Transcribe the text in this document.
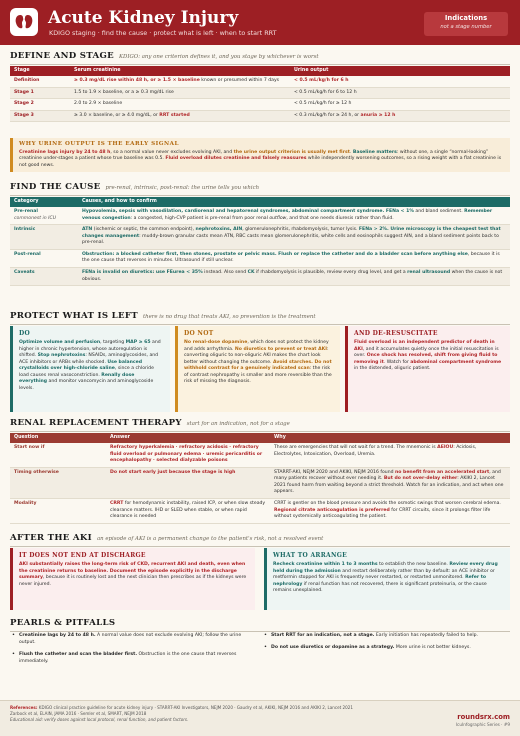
Acute Kidney Injury
KDIGO staging · find the cause · protect what is left · when to start RRT
Indications
not a stage number
DEFINE AND STAGE KDIGO: any one criterion defines it, and you stage by whichever is worst
Stage	Serum creatinine	Urine output
Definition	≥ 0.3 mg/dL rise within 48 h, or ≥ 1.5 × baseline known or presumed within 7 days	< 0.5 mL/kg/h for 6 h
Stage 1	1.5 to 1.9 × baseline, or a ≥ 0.3 mg/dL rise	< 0.5 mL/kg/h for 6 to 12 h
Stage 2	2.0 to 2.9 × baseline	< 0.5 mL/kg/h for ≥ 12 h
Stage 3	≥ 3.0 × baseline, or ≥ 4.0 mg/dL, or RRT started	< 0.3 mL/kg/h for ≥ 24 h, or anuria ≥ 12 h
WHY URINE OUTPUT IS THE EARLY SIGNAL
Creatinine lags injury by 24 to 48 h, so a normal value never excludes evolving AKI, and the urine output criterion is usually met first. Baseline matters: without one, a single “normal-looking” creatinine under-stages a patient whose true baseline was 0.5. Fluid overload dilutes creatinine and falsely reassures while independently worsening outcomes, so a rising weight with a flat creatinine is not good news.
FIND THE CAUSE pre-renal, intrinsic, post-renal: the urine tells you which
Category	Causes, and how to confirm
Pre-renal
commonest in ICU	Hypovolemia, sepsis with vasodilation, cardiorenal and hepatorenal syndromes, abdominal compartment syndrome. FENa < 1% and bland sediment. Remember venous congestion: a congested, high-CVP patient is pre-renal from poor renal outflow, and that one needs diuresis rather than fluid.
Intrinsic	ATN (ischemic or septic, the common endpoint), nephrotoxins, AIN, glomerulonephritis, rhabdomyolysis, tumor lysis. FENa > 2%. Urine microscopy is the cheapest test that changes management: muddy-brown granular casts mean ATN, RBC casts mean glomerulonephritis, white cells and eosinophils suggest AIN, and a bland sediment points back to pre-renal.
Post-renal	Obstruction: a blocked catheter first, then stones, prostate or pelvic mass. Flush or replace the catheter and do a bladder scan before anything else, because it is the one cause that reverses in minutes. Ultrasound if still unclear.
Caveats	FENa is invalid on diuretics: use FEurea < 35% instead. Also send CK if rhabdomyolysis is plausible, review every drug level, and get a renal ultrasound when the cause is not obvious.
PROTECT WHAT IS LEFT there is no drug that treats AKI, so prevention is the treatment
DO
Optimize volume and perfusion, targeting MAP ≥ 65 and higher in chronic hypertension, whose autoregulation is shifted. Stop nephrotoxins: NSAIDs, aminoglycosides, and ACE inhibitors or ARBs while shocked. Use balanced crystalloids over high-chloride saline, since a chloride load causes renal vasoconstriction. Renally dose everything and monitor vancomycin and aminoglycoside levels.
DO NOT
No renal-dose dopamine, which does not protect the kidney and adds arrhythmia. No diuretics to prevent or treat AKI: converting oliguric to non-oliguric AKI makes the chart look better without changing the outcome. Avoid starches. Do not withhold contrast for a genuinely indicated scan: the risk of contrast nephropathy is smaller and more reversible than the risk of missing the diagnosis.
AND DE-RESUSCITATE
Fluid overload is an independent predictor of death in AKI, and it accumulates quietly once the initial resuscitation is over. Once shock has resolved, shift from giving fluid to removing it. Watch for abdominal compartment syndrome in the distended, oliguric patient.
RENAL REPLACEMENT THERAPY start for an indication, not for a stage
Question	Answer	Why
Start now if	Refractory hyperkalemia · refractory acidosis · refractory fluid overload or pulmonary edema · uremic pericarditis or encephalopathy · selected dialyzable poisons	These are emergencies that will not wait for a trend. The mnemonic is AEIOU: Acidosis, Electrolytes, Intoxication, Overload, Uremia.
Timing otherwise	Do not start early just because the stage is high	STARRT-AKI, NEJM 2020 and AKIKI, NEJM 2016 found no benefit from an accelerated start, and many patients recover without ever needing it. But do not over-delay either: AKIKI 2, Lancet 2021 found harm from waiting beyond a strict threshold. Watch for an indication, and act when one appears.
Modality	CRRT for hemodynamic instability, raised ICP, or when slow steady clearance matters. IHD or SLED when stable, or when rapid clearance is needed	CRRT is gentler on the blood pressure and avoids the osmotic swings that worsen cerebral edema. Regional citrate anticoagulation is preferred for CRRT circuits, since it prolongs filter life without systemically anticoagulating the patient.
AFTER THE AKI an episode of AKI is a permanent change to the patient's risk, not a resolved event
IT DOES NOT END AT DISCHARGE
AKI substantially raises the long-term risk of CKD, recurrent AKI and death, even when the creatinine returns to baseline. Document the episode explicitly in the discharge summary, because it is routinely lost and the next clinician then prescribes as if the kidneys were never injured.
WHAT TO ARRANGE
Recheck creatinine within 1 to 3 months to establish the new baseline. Review every drug held during the admission and restart deliberately rather than by default: an ACE inhibitor or metformin stopped for AKI is frequently never restarted, or restarted unmonitored. Refer to nephrology if renal function has not recovered, there is significant proteinuria, or the cause remains unexplained.
PEARLS & PITFALLS
• Creatinine lags by 24 to 48 h. A normal value does not exclude evolving AKI; follow the urine output.
• Flush the catheter and scan the bladder first. Obstruction is the one cause that reverses immediately.
• Start RRT for an indication, not a stage. Early initiation has repeatedly failed to help.
• Do not use diuretics or dopamine as a strategy. More urine is not better kidneys.
References: KDIGO clinical practice guideline for acute kidney injury · STARRT-AKI Investigators, NEJM 2020 · Gaudry et al, AKIKI, NEJM 2016 and AKIKI 2, Lancet 2021
Zarbock et al, ELAIN, JAMA 2016 · Semler et al, SMART, NEJM 2018
Educational aid: verify doses against local protocol, renal function, and patient factors.	roundsrx.com
IcuInfographic Series · #9
